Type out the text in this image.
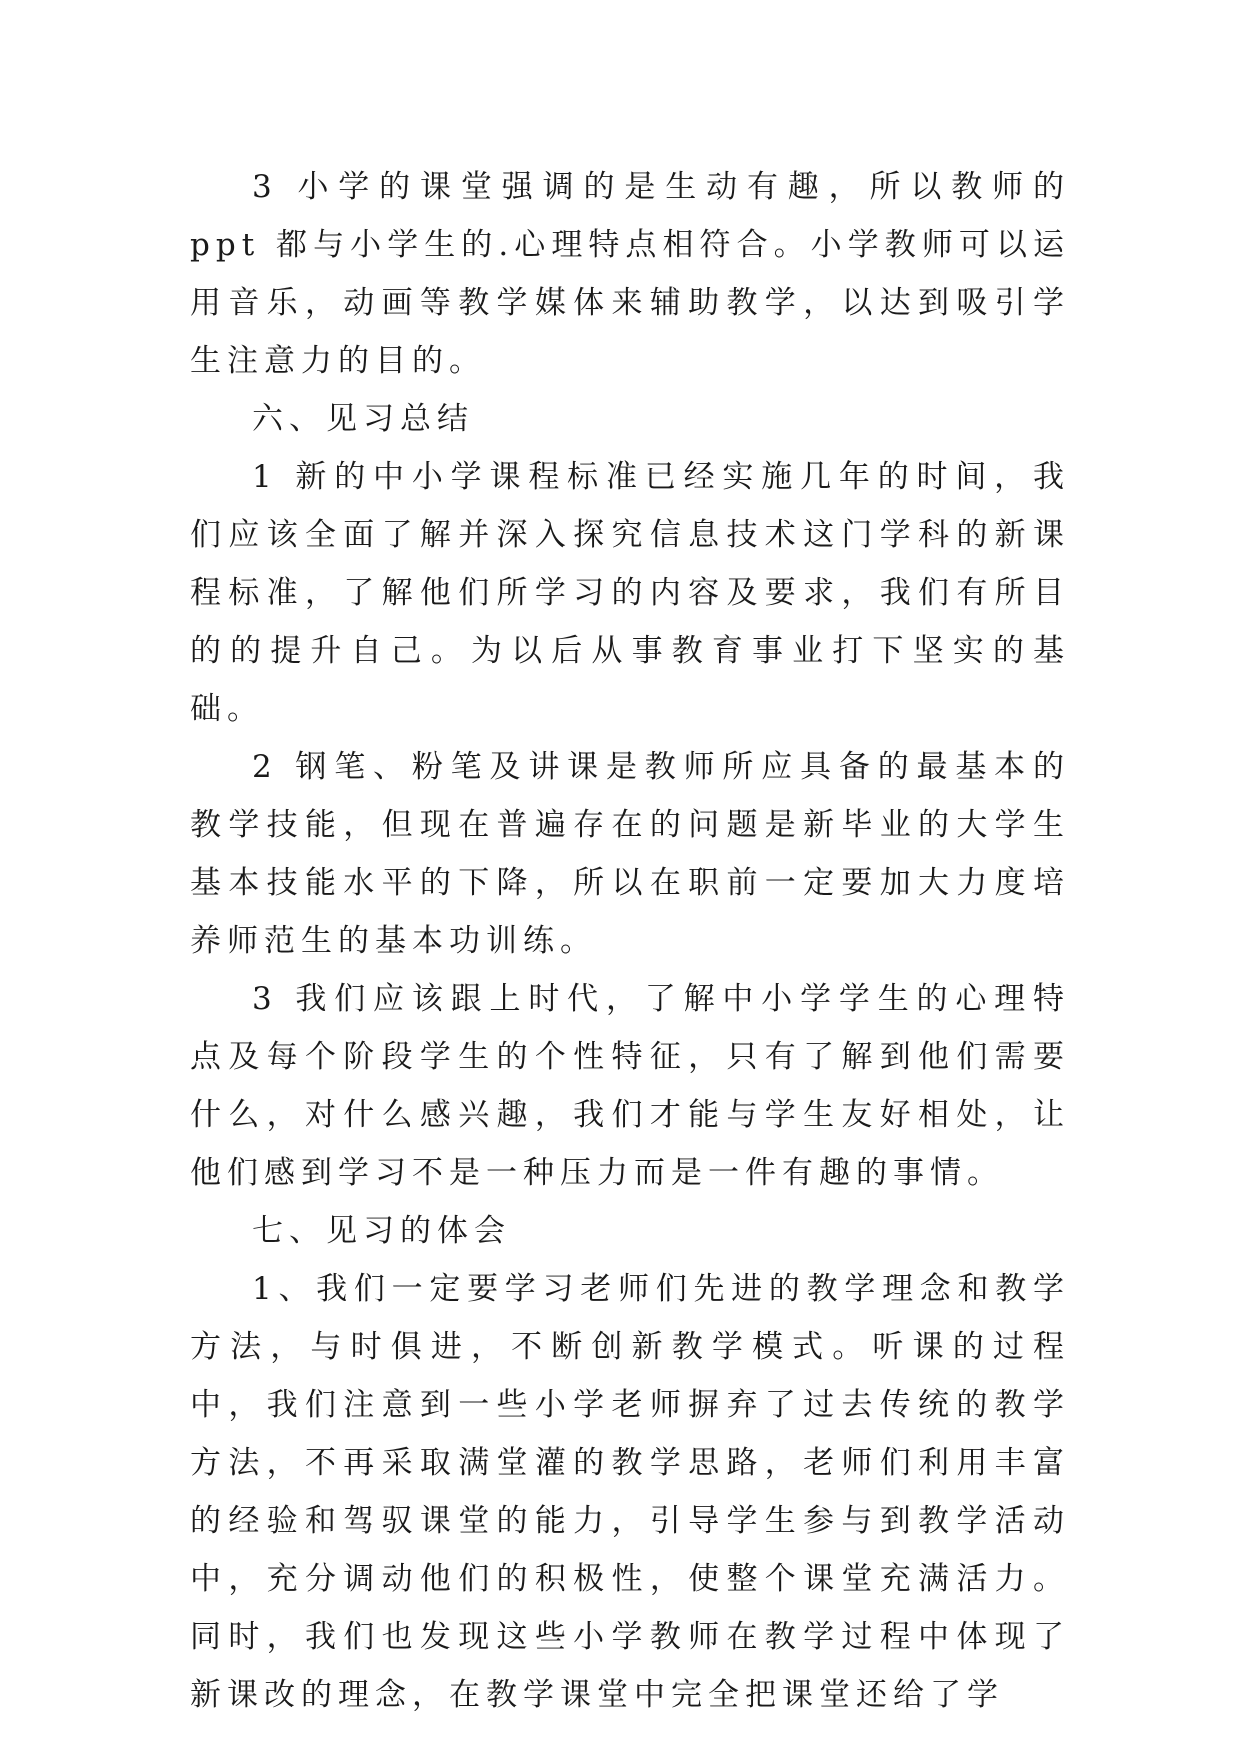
3 小学的课堂强调的是生动有趣，所以教师的 ppt 都与小学生的.心理特点相符合。小学教师可以运用音乐，动画等教学媒体来辅助教学，以达到吸引学生注意力的目的。

六、见习总结

1 新的中小学课程标准已经实施几年的时间，我们应该全面了解并深入探究信息技术这门学科的新课程标准，了解他们所学习的内容及要求，我们有所目的的提升自己。为以后从事教育事业打下坚实的基础。

2 钢笔、粉笔及讲课是教师所应具备的最基本的教学技能，但现在普遍存在的问题是新毕业的大学生基本技能水平的下降，所以在职前一定要加大力度培养师范生的基本功训练。

3 我们应该跟上时代，了解中小学学生的心理特点及每个阶段学生的个性特征，只有了解到他们需要什么，对什么感兴趣，我们才能与学生友好相处，让他们感到学习不是一种压力而是一件有趣的事情。

七、见习的体会

1、我们一定要学习老师们先进的教学理念和教学方法，与时俱进，不断创新教学模式。听课的过程中，我们注意到一些小学老师摒弃了过去传统的教学方法，不再采取满堂灌的教学思路，老师们利用丰富的经验和驾驭课堂的能力，引导学生参与到教学活动中，充分调动他们的积极性，使整个课堂充满活力。同时，我们也发现这些小学教师在教学过程中体现了新课改的理念，在教学课堂中完全把课堂还给了学
